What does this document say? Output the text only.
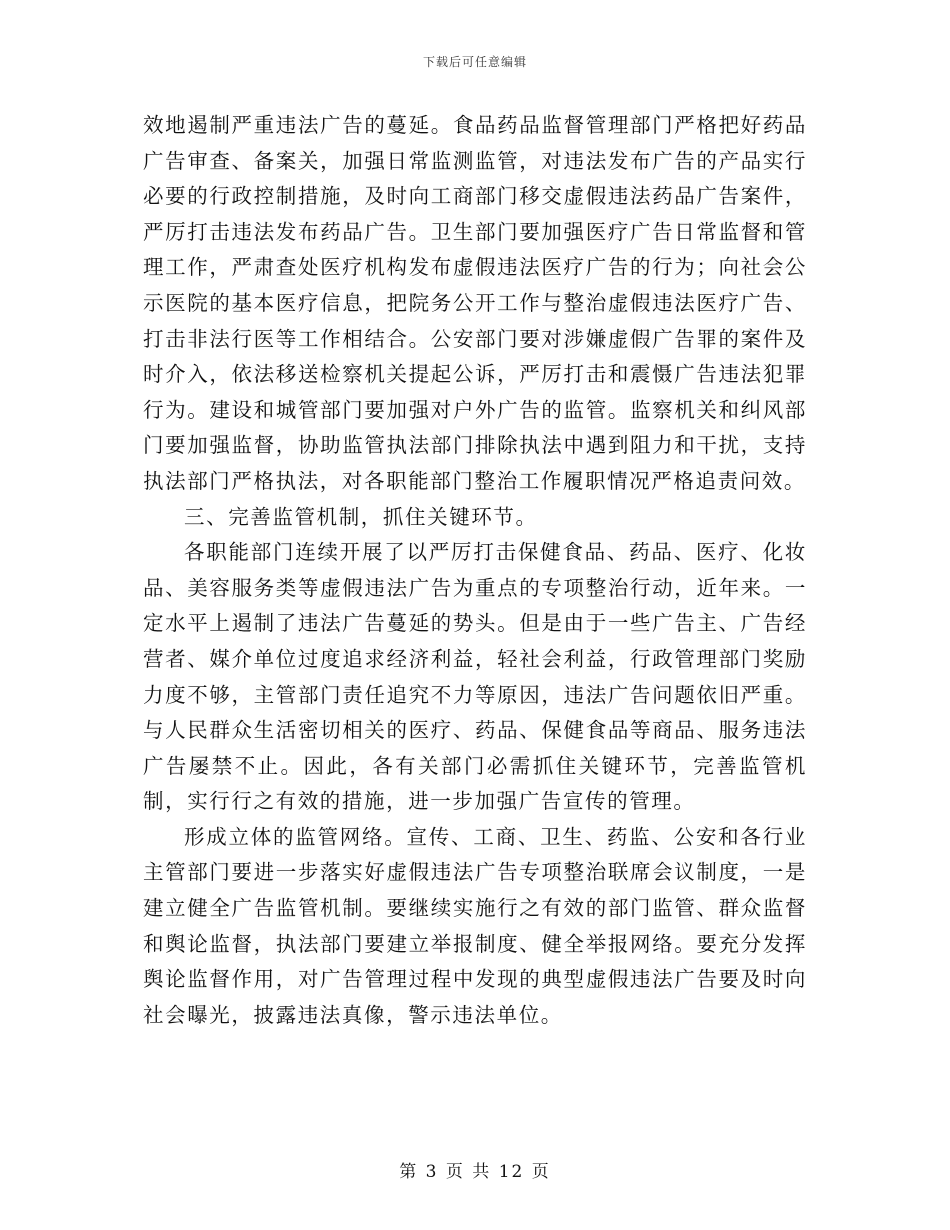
下载后可任意编辑

效地遏制严重违法广告的蔓延。食品药品监督管理部门严格把好药品广告审查、备案关，加强日常监测监管，对违法发布广告的产品实行必要的行政控制措施，及时向工商部门移交虚假违法药品广告案件，严厉打击违法发布药品广告。卫生部门要加强医疗广告日常监督和管理工作，严肃查处医疗机构发布虚假违法医疗广告的行为；向社会公示医院的基本医疗信息，把院务公开工作与整治虚假违法医疗广告、打击非法行医等工作相结合。公安部门要对涉嫌虚假广告罪的案件及时介入，依法移送检察机关提起公诉，严厉打击和震慑广告违法犯罪行为。建设和城管部门要加强对户外广告的监管。监察机关和纠风部门要加强监督，协助监管执法部门排除执法中遇到阻力和干扰，支持执法部门严格执法，对各职能部门整治工作履职情况严格追责问效。

三、完善监管机制，抓住关键环节。

各职能部门连续开展了以严厉打击保健食品、药品、医疗、化妆品、美容服务类等虚假违法广告为重点的专项整治行动，近年来。一定水平上遏制了违法广告蔓延的势头。但是由于一些广告主、广告经营者、媒介单位过度追求经济利益，轻社会利益，行政管理部门奖励力度不够，主管部门责任追究不力等原因，违法广告问题依旧严重。与人民群众生活密切相关的医疗、药品、保健食品等商品、服务违法广告屡禁不止。因此，各有关部门必需抓住关键环节，完善监管机制，实行行之有效的措施，进一步加强广告宣传的管理。

形成立体的监管网络。宣传、工商、卫生、药监、公安和各行业主管部门要进一步落实好虚假违法广告专项整治联席会议制度，一是建立健全广告监管机制。要继续实施行之有效的部门监管、群众监督和舆论监督，执法部门要建立举报制度、健全举报网络。要充分发挥舆论监督作用，对广告管理过程中发现的典型虚假违法广告要及时向社会曝光，披露违法真像，警示违法单位。

第 3 页 共 12 页
